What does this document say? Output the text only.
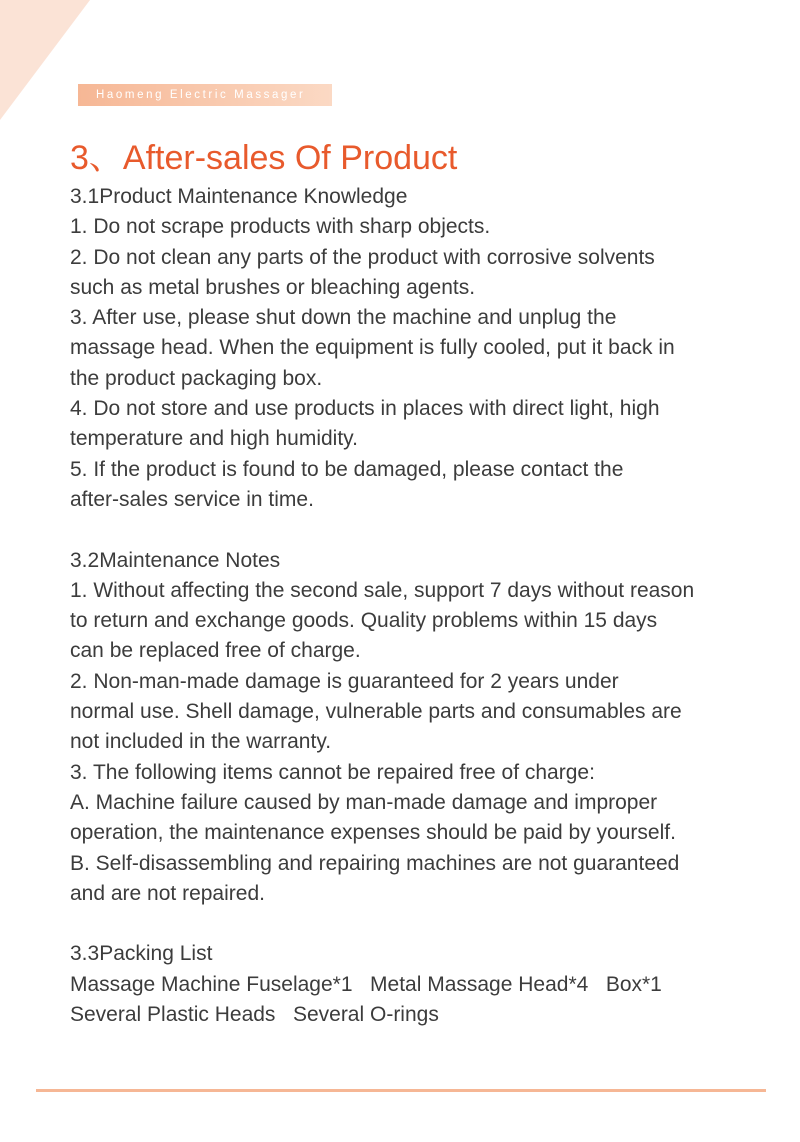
Haomeng Electric Massager
3、After-sales Of Product
3.1Product Maintenance Knowledge
1. Do not scrape products with sharp objects.
2. Do not clean any parts of the product with corrosive solvents
such as metal brushes or bleaching agents.
3. After use, please shut down the machine and unplug the
massage head. When the equipment is fully cooled, put it back in
the product packaging box.
4. Do not store and use products in places with direct light, high
temperature and high humidity.
5. If the product is found to be damaged, please contact the
after-sales service in time.
3.2Maintenance Notes
1. Without affecting the second sale, support 7 days without reason
to return and exchange goods. Quality problems within 15 days
can be replaced free of charge.
2. Non-man-made damage is guaranteed for 2 years under
normal use. Shell damage, vulnerable parts and consumables are
not included in the warranty.
3. The following items cannot be repaired free of charge:
A. Machine failure caused by man-made damage and improper
operation, the maintenance expenses should be paid by yourself.
B. Self-disassembling and repairing machines are not guaranteed
and are not repaired.
3.3Packing List
Massage Machine Fuselage*1 Metal Massage Head*4 Box*1
Several Plastic Heads Several O-rings
